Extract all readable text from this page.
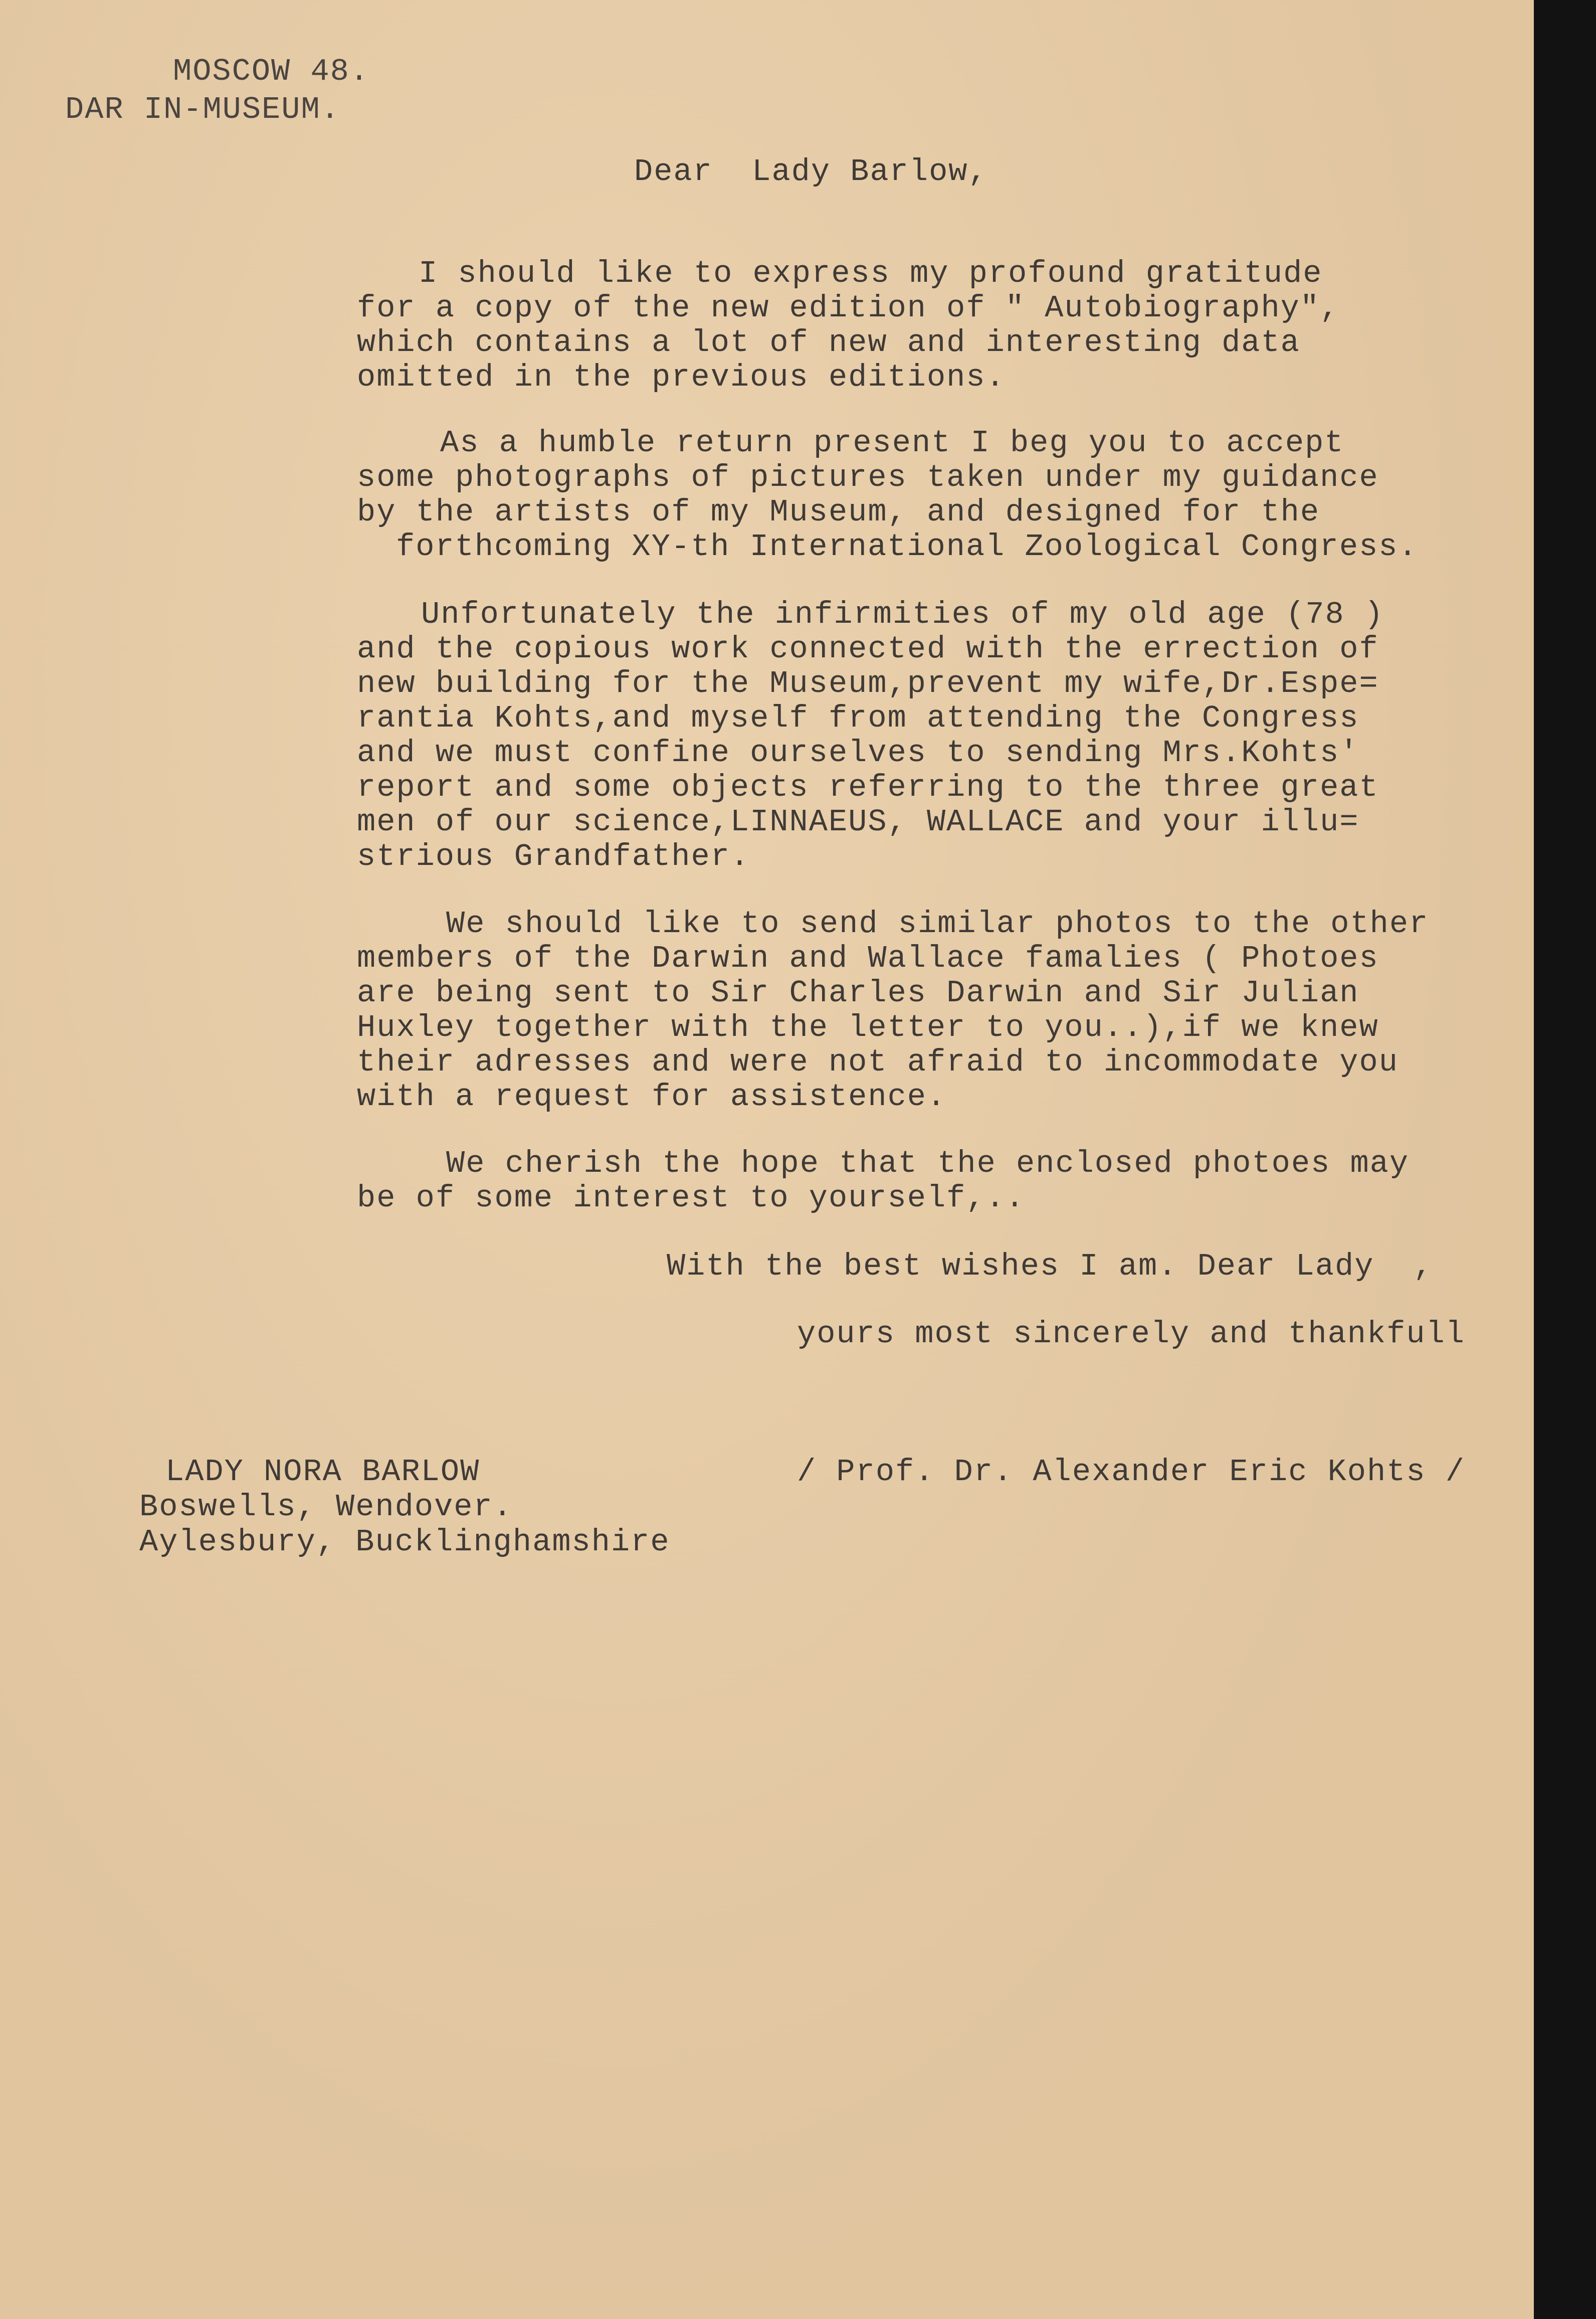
MOSCOW 48.
DAR IN-MUSEUM.
Dear  Lady Barlow,
I should like to express my profound gratitude
for a copy of the new edition of " Autobiography",
which contains a lot of new and interesting data
omitted in the previous editions.
As a humble return present I beg you to accept
some photographs of pictures taken under my guidance
by the artists of my Museum, and designed for the
forthcoming XY-th International Zoological Congress.
Unfortunately the infirmities of my old age (78 )
and the copious work connected with the errection of
new building for the Museum,prevent my wife,Dr.Espe=
rantia Kohts,and myself from attending the Congress
and we must confine ourselves to sending Mrs.Kohts'
report and some objects referring to the three great
men of our science,LINNAEUS, WALLACE and your illu=
strious Grandfather.
We should like to send similar photos to the other
members of the Darwin and Wallace famalies ( Photoes
are being sent to Sir Charles Darwin and Sir Julian
Huxley together with the letter to you..),if we knew
their adresses and were not afraid to incommodate you
with a request for assistence.
We cherish the hope that the enclosed photoes may
be of some interest to yourself,..
With the best wishes I am. Dear Lady  ,
yours most sincerely and thankfull
LADY NORA BARLOW
Boswells, Wendover.
Aylesbury, Bucklinghamshire
/ Prof. Dr. Alexander Eric Kohts /
